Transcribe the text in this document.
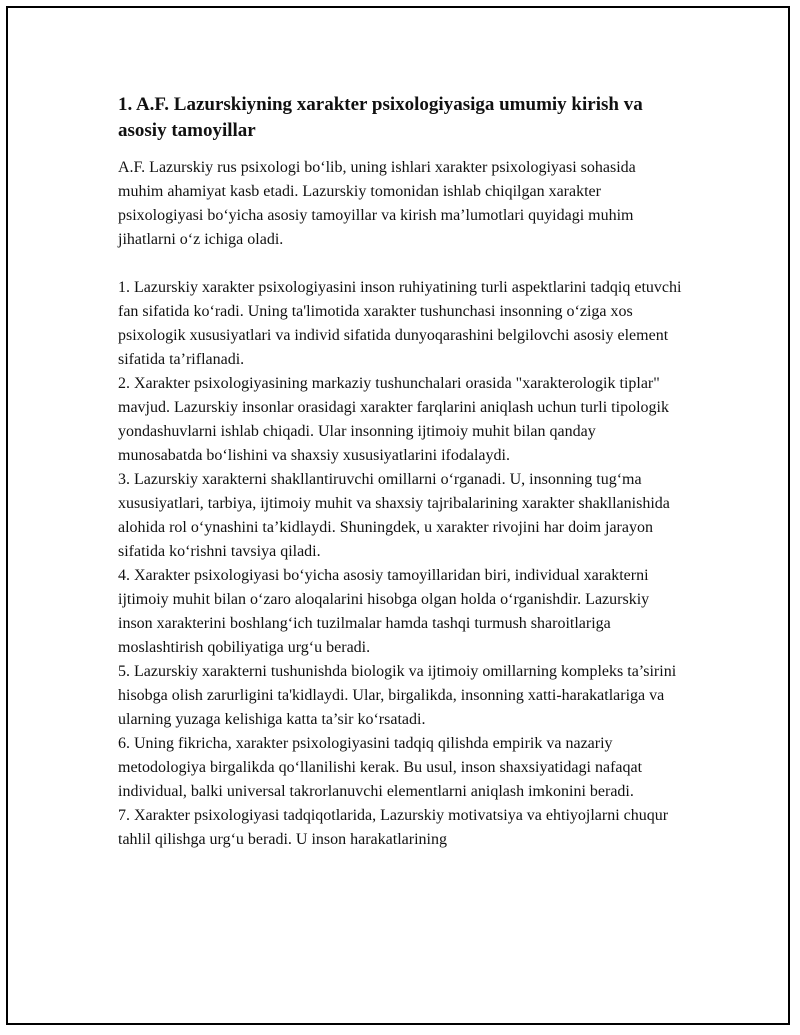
1. A.F. Lazurskiyning xarakter psixologiyasiga umumiy kirish va asosiy tamoyillar

A.F. Lazurskiy rus psixologi bo‘lib, uning ishlari xarakter psixologiyasi sohasida muhim ahamiyat kasb etadi. Lazurskiy tomonidan ishlab chiqilgan xarakter psixologiyasi bo‘yicha asosiy tamoyillar va kirish ma’lumotlari quyidagi muhim jihatlarni o‘z ichiga oladi.

1. Lazurskiy xarakter psixologiyasini inson ruhiyatining turli aspektlarini tadqiq etuvchi fan sifatida ko‘radi. Uning ta'limotida xarakter tushunchasi insonning o‘ziga xos psixologik xususiyatlari va individ sifatida dunyoqarashini belgilovchi asosiy element sifatida ta’riflanadi.

2. Xarakter psixologiyasining markaziy tushunchalari orasida "xarakterologik tiplar" mavjud. Lazurskiy insonlar orasidagi xarakter farqlarini aniqlash uchun turli tipologik yondashuvlarni ishlab chiqadi. Ular insonning ijtimoiy muhit bilan qanday munosabatda bo‘lishini va shaxsiy xususiyatlarini ifodalaydi.

3. Lazurskiy xarakterni shakllantiruvchi omillarni o‘rganadi. U, insonning tug‘ma xususiyatlari, tarbiya, ijtimoiy muhit va shaxsiy tajribalarining xarakter shakllanishida alohida rol o‘ynashini ta’kidlaydi. Shuningdek, u xarakter rivojini har doim jarayon sifatida ko‘rishni tavsiya qiladi.

4. Xarakter psixologiyasi bo‘yicha asosiy tamoyillaridan biri, individual xarakterni ijtimoiy muhit bilan o‘zaro aloqalarini hisobga olgan holda o‘rganishdir. Lazurskiy inson xarakterini boshlang‘ich tuzilmalar hamda tashqi turmush sharoitlariga moslashtirish qobiliyatiga urg‘u beradi.

5. Lazurskiy xarakterni tushunishda biologik va ijtimoiy omillarning kompleks ta’sirini hisobga olish zarurligini ta'kidlaydi. Ular, birgalikda, insonning xatti-harakatlariga va ularning yuzaga kelishiga katta ta’sir ko‘rsatadi.

6. Uning fikricha, xarakter psixologiyasini tadqiq qilishda empirik va nazariy metodologiya birgalikda qo‘llanilishi kerak. Bu usul, inson shaxsiyatidagi nafaqat individual, balki universal takrorlanuvchi elementlarni aniqlash imkonini beradi.

7. Xarakter psixologiyasi tadqiqotlarida, Lazurskiy motivatsiya va ehtiyojlarni chuqur tahlil qilishga urg‘u beradi. U inson harakatlarining
